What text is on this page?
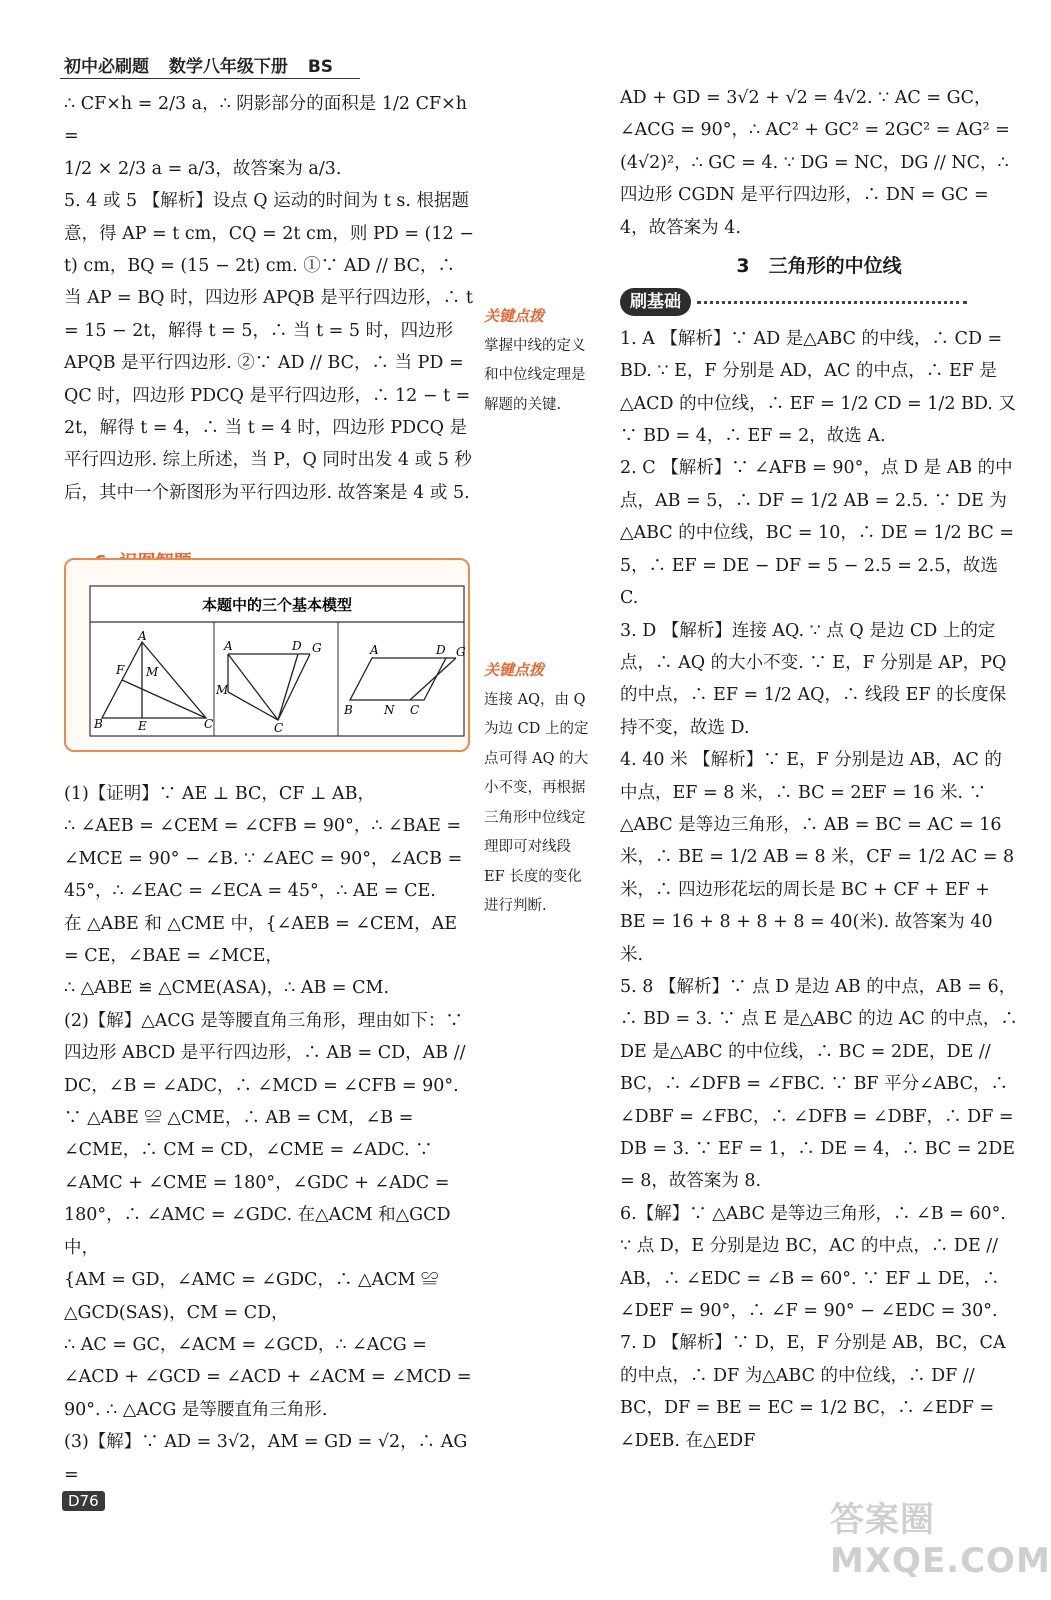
初中必刷题 数学八年级下册 BS

∴ CF×h = 2/3 a，∴ 阴影部分的面积是 1/2 CF×h =

1/2 × 2/3 a = a/3，故答案为 a/3.

5. 4 或 5 【解析】设点 Q 运动的时间为 t s. 根据题意，得 AP = t cm，CQ = 2t cm，则 PD = (12 − t) cm，BQ = (15 − 2t) cm. ①∵ AD // BC，∴ 当 AP = BQ 时，四边形 APQB 是平行四边形，∴ t = 15 − 2t，解得 t = 5，∴ 当 t = 5 时，四边形 APQB 是平行四边形. ②∵ AD // BC，∴ 当 PD = QC 时，四边形 PDCQ 是平行四边形，∴ 12 − t = 2t，解得 t = 4，∴ 当 t = 4 时，四边形 PDCQ 是平行四边形. 综上所述，当 P，Q 同时出发 4 或 5 秒后，其中一个新图形为平行四边形. 故答案是 4 或 5.

本题中的三个基本模型
A
B	E	C
F M
A	D G
M
C
A	D G
B	N C

(1)【证明】∵ AE ⊥ BC，CF ⊥ AB，

∴ ∠AEB = ∠CEM = ∠CFB = 90°，∴ ∠BAE = ∠MCE = 90° − ∠B. ∵ ∠AEC = 90°，∠ACB = 45°，∴ ∠EAC = ∠ECA = 45°，∴ AE = CE.

在 △ABE 和 △CME 中，{∠AEB = ∠CEM，AE = CE，∠BAE = ∠MCE，

∴ △ABE ≌ △CME(ASA)，∴ AB = CM.

(2)【解】△ACG 是等腰直角三角形，理由如下：∵ 四边形 ABCD 是平行四边形，∴ AB = CD，AB // DC，∠B = ∠ADC，∴ ∠MCD = ∠CFB = 90°. ∵ △ABE ≌ △CME，∴ AB = CM，∠B = ∠CME，∴ CM = CD，∠CME = ∠ADC. ∵ ∠AMC + ∠CME = 180°，∠GDC + ∠ADC = 180°，∴ ∠AMC = ∠GDC. 在△ACM 和△GCD 中，

{AM = GD，∠AMC = ∠GDC，∴ △ACM ≌ △GCD(SAS)，CM = CD，

∴ AC = GC，∠ACM = ∠GCD，∴ ∠ACG = ∠ACD + ∠GCD = ∠ACD + ∠ACM = ∠MCD = 90°. ∴ △ACG 是等腰直角三角形.

(3)【解】∵ AD = 3√2，AM = GD = √2，∴ AG =

关键点拨
掌握中线的定义和中位线定理是解题的关键.
关键点拨
连接 AQ，由 Q 为边 CD 上的定点可得 AQ 的大小不变，再根据三角形中位线定理即可对线段 EF 长度的变化进行判断.

AD + GD = 3√2 + √2 = 4√2. ∵ AC = GC，∠ACG = 90°，∴ AC² + GC² = 2GC² = AG² = (4√2)²，∴ GC = 4. ∵ DG = NC，DG // NC，∴ 四边形 CGDN 是平行四边形，∴ DN = GC = 4，故答案为 4.

3　三角形的中位线
刷基础

1. A 【解析】∵ AD 是△ABC 的中线，∴ CD = BD. ∵ E，F 分别是 AD，AC 的中点，∴ EF 是△ACD 的中位线，∴ EF = 1/2 CD = 1/2 BD. 又 ∵ BD = 4，∴ EF = 2，故选 A.

2. C 【解析】∵ ∠AFB = 90°，点 D 是 AB 的中点，AB = 5，∴ DF = 1/2 AB = 2.5. ∵ DE 为△ABC 的中位线，BC = 10，∴ DE = 1/2 BC = 5，∴ EF = DE − DF = 5 − 2.5 = 2.5，故选 C.

3. D 【解析】连接 AQ. ∵ 点 Q 是边 CD 上的定点，∴ AQ 的大小不变. ∵ E，F 分别是 AP，PQ 的中点，∴ EF = 1/2 AQ，∴ 线段 EF 的长度保持不变，故选 D.

4. 40 米 【解析】∵ E，F 分别是边 AB，AC 的中点，EF = 8 米，∴ BC = 2EF = 16 米. ∵ △ABC 是等边三角形，∴ AB = BC = AC = 16 米，∴ BE = 1/2 AB = 8 米，CF = 1/2 AC = 8 米，∴ 四边形花坛的周长是 BC + CF + EF + BE = 16 + 8 + 8 + 8 = 40(米). 故答案为 40 米.

5. 8 【解析】∵ 点 D 是边 AB 的中点，AB = 6，∴ BD = 3. ∵ 点 E 是△ABC 的边 AC 的中点，∴ DE 是△ABC 的中位线，∴ BC = 2DE，DE // BC，∴ ∠DFB = ∠FBC. ∵ BF 平分∠ABC，∴ ∠DBF = ∠FBC，∴ ∠DFB = ∠DBF，∴ DF = DB = 3. ∵ EF = 1，∴ DE = 4，∴ BC = 2DE = 8，故答案为 8.

6.【解】∵ △ABC 是等边三角形，∴ ∠B = 60°. ∵ 点 D，E 分别是边 BC，AC 的中点，∴ DE // AB，∴ ∠EDC = ∠B = 60°. ∵ EF ⊥ DE，∴ ∠DEF = 90°，∴ ∠F = 90° − ∠EDC = 30°.

7. D 【解析】∵ D，E，F 分别是 AB，BC，CA 的中点，∴ DF 为△ABC 的中位线，∴ DF // BC，DF = BE = EC = 1/2 BC，∴ ∠EDF = ∠DEB. 在△EDF

D76	答案圈 MXQE.COM
